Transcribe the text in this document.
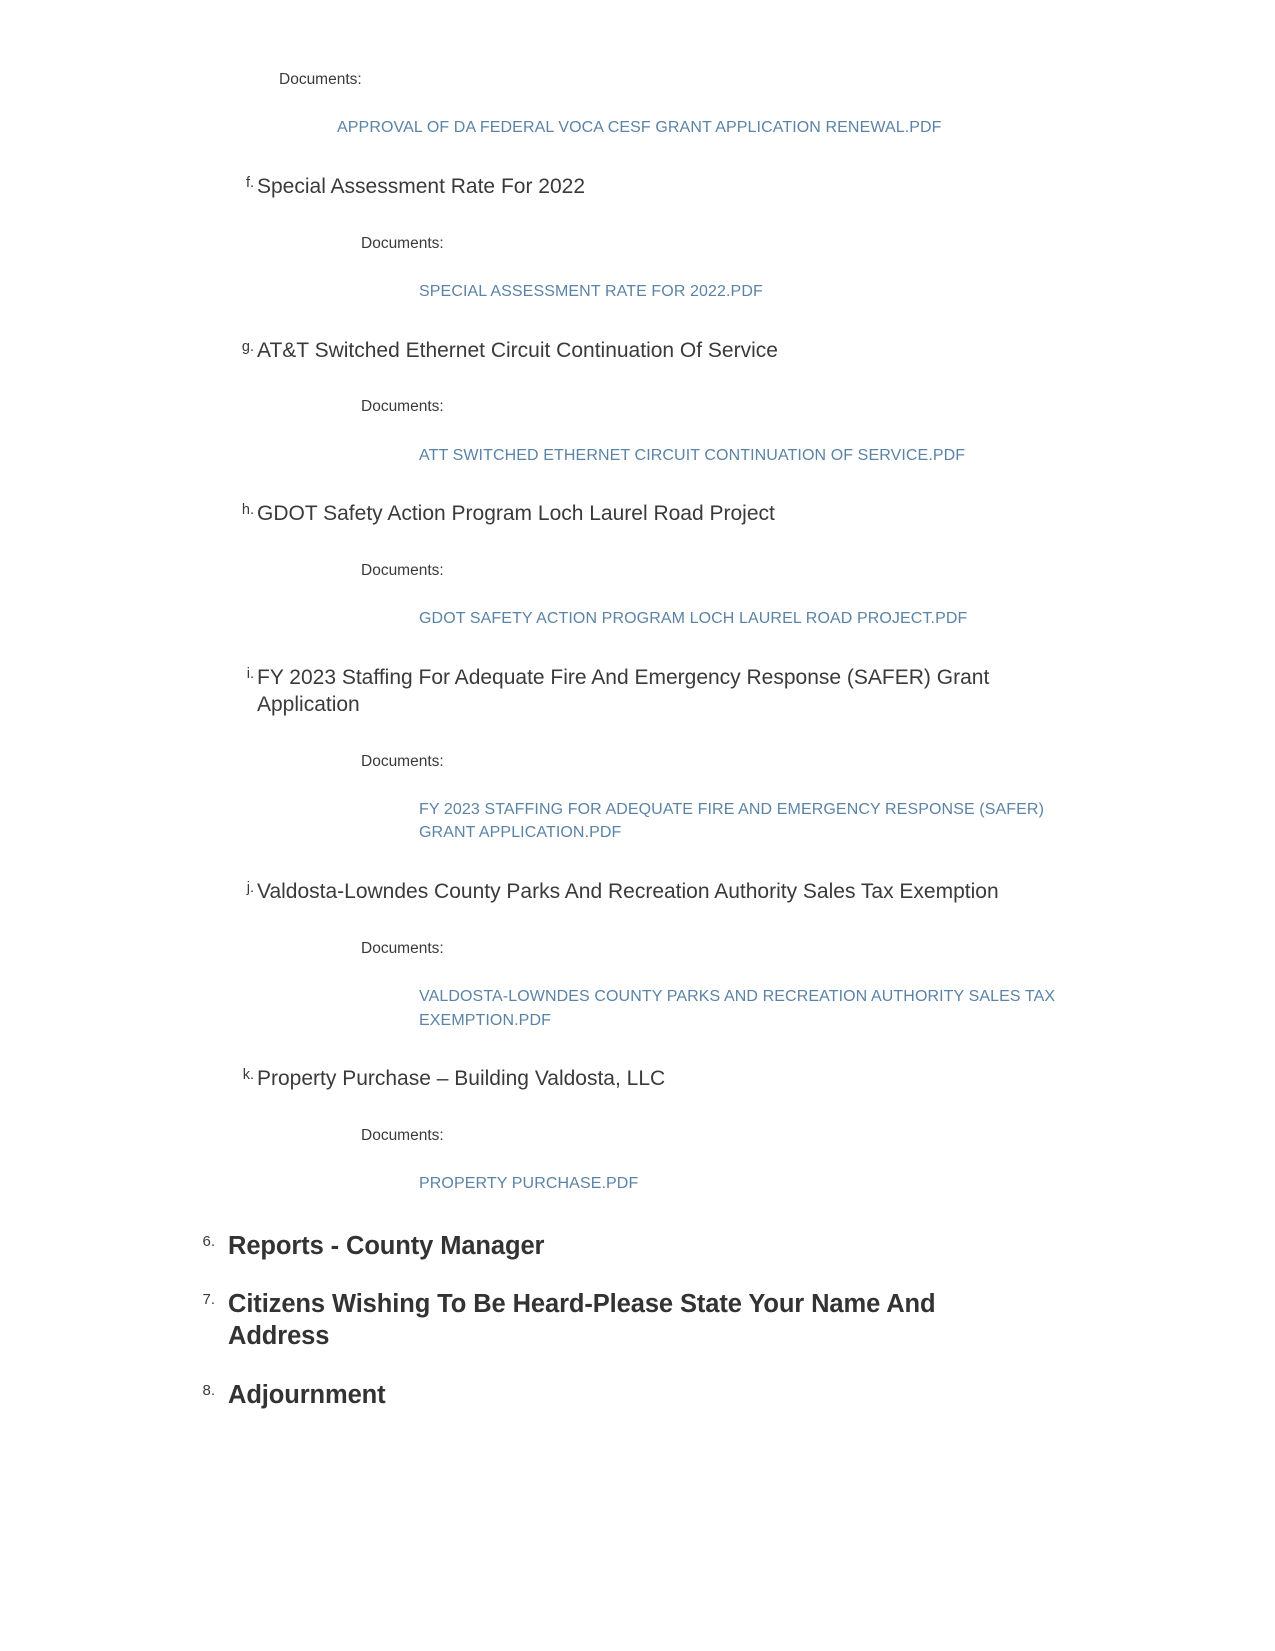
Documents:
APPROVAL OF DA FEDERAL VOCA CESF GRANT APPLICATION RENEWAL.PDF
f. Special Assessment Rate For 2022
Documents:
SPECIAL ASSESSMENT RATE FOR 2022.PDF
g. AT&T Switched Ethernet Circuit Continuation Of Service
Documents:
ATT SWITCHED ETHERNET CIRCUIT CONTINUATION OF SERVICE.PDF
h. GDOT Safety Action Program Loch Laurel Road Project
Documents:
GDOT SAFETY ACTION PROGRAM LOCH LAUREL ROAD PROJECT.PDF
i. FY 2023 Staffing For Adequate Fire And Emergency Response (SAFER) Grant Application
Documents:
FY 2023 STAFFING FOR ADEQUATE FIRE AND EMERGENCY RESPONSE (SAFER) GRANT APPLICATION.PDF
j. Valdosta-Lowndes County Parks And Recreation Authority Sales Tax Exemption
Documents:
VALDOSTA-LOWNDES COUNTY PARKS AND RECREATION AUTHORITY SALES TAX EXEMPTION.PDF
k. Property Purchase – Building Valdosta, LLC
Documents:
PROPERTY PURCHASE.PDF
6. Reports - County Manager
7. Citizens Wishing To Be Heard-Please State Your Name And Address
8. Adjournment
